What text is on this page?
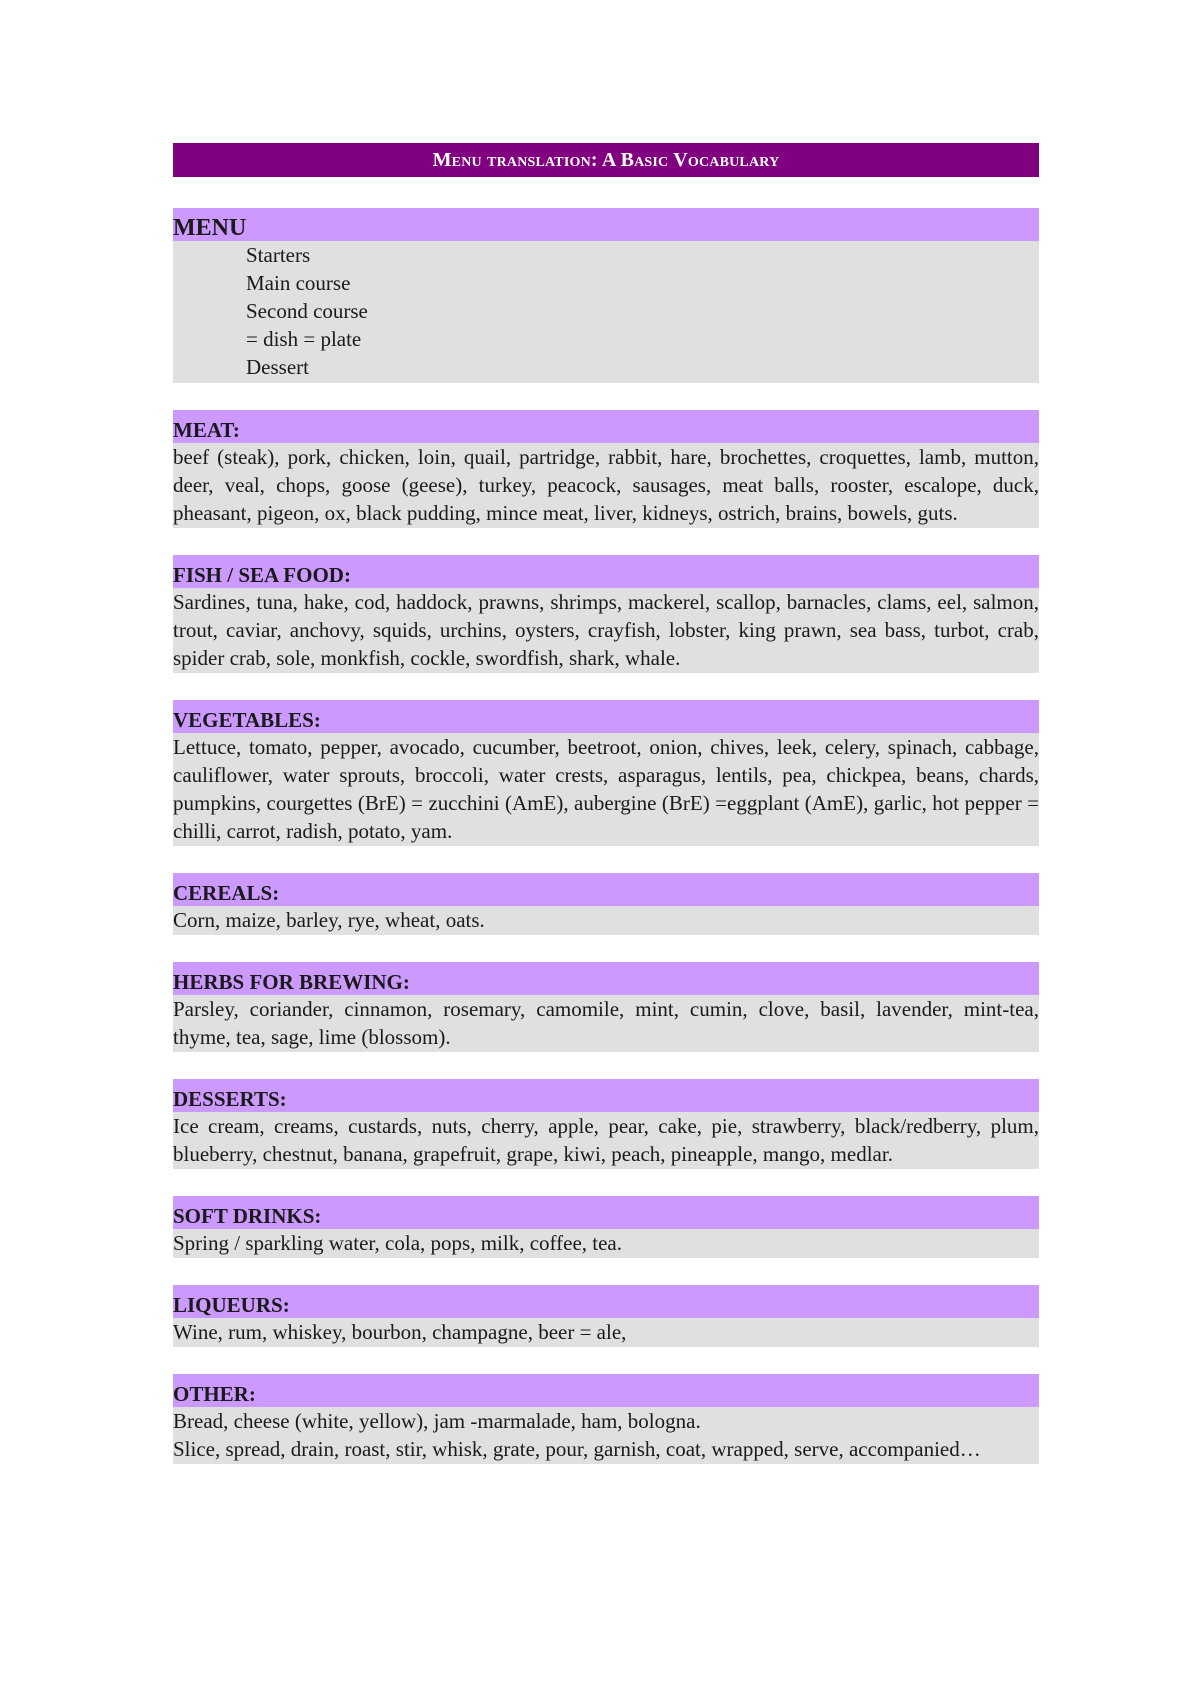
Menu translation: A Basic Vocabulary
MENU
Starters
Main course
Second course
= dish = plate
Dessert
MEAT:
beef (steak), pork, chicken, loin, quail, partridge, rabbit, hare, brochettes, croquettes, lamb, mutton, deer, veal, chops, goose (geese), turkey, peacock, sausages, meat balls, rooster, escalope, duck, pheasant, pigeon, ox, black pudding, mince meat, liver, kidneys, ostrich, brains, bowels, guts.
FISH / SEA FOOD:
Sardines, tuna, hake, cod, haddock, prawns, shrimps, mackerel, scallop, barnacles, clams, eel, salmon, trout, caviar, anchovy, squids, urchins, oysters, crayfish, lobster, king prawn, sea bass, turbot, crab, spider crab, sole, monkfish, cockle, swordfish, shark, whale.
VEGETABLES:
Lettuce, tomato, pepper, avocado, cucumber, beetroot, onion, chives, leek, celery, spinach, cabbage, cauliflower, water sprouts, broccoli, water crests, asparagus, lentils, pea, chickpea, beans, chards, pumpkins, courgettes (BrE) = zucchini (AmE), aubergine (BrE) =eggplant (AmE), garlic, hot pepper = chilli, carrot, radish, potato, yam.
CEREALS:
Corn, maize, barley, rye, wheat, oats.
HERBS FOR BREWING:
Parsley, coriander, cinnamon, rosemary, camomile, mint, cumin, clove, basil, lavender, mint-tea, thyme, tea, sage, lime (blossom).
DESSERTS:
Ice cream, creams, custards, nuts, cherry, apple, pear, cake, pie, strawberry, black/redberry, plum, blueberry, chestnut, banana, grapefruit, grape, kiwi, peach, pineapple, mango, medlar.
SOFT DRINKS:
Spring / sparkling water, cola, pops, milk, coffee, tea.
LIQUEURS:
Wine, rum, whiskey, bourbon, champagne, beer = ale,
OTHER:
Bread, cheese (white, yellow), jam -marmalade, ham, bologna.
Slice, spread, drain, roast, stir, whisk, grate, pour, garnish, coat, wrapped, serve, accompanied…
